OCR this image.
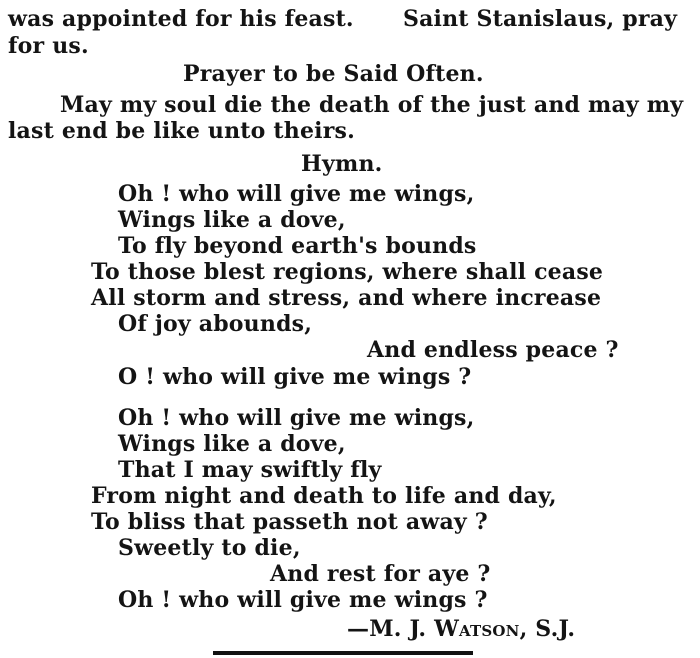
was appointed for his feast. Saint Stanislaus, pray
for us.
Prayer to be Said Often.
May my soul die the death of the just and may my
last end be like unto theirs.
Hymn.
Oh ! who will give me wings,
Wings like a dove,
To fly beyond earth's bounds
To those blest regions, where shall cease
All storm and stress, and where increase
Of joy abounds,
And endless peace ?
O ! who will give me wings ?
Oh ! who will give me wings,
Wings like a dove,
That I may swiftly fly
From night and death to life and day,
To bliss that passeth not away ?
Sweetly to die,
And rest for aye ?
Oh ! who will give me wings ?
—M. J. Watson, S.J.
